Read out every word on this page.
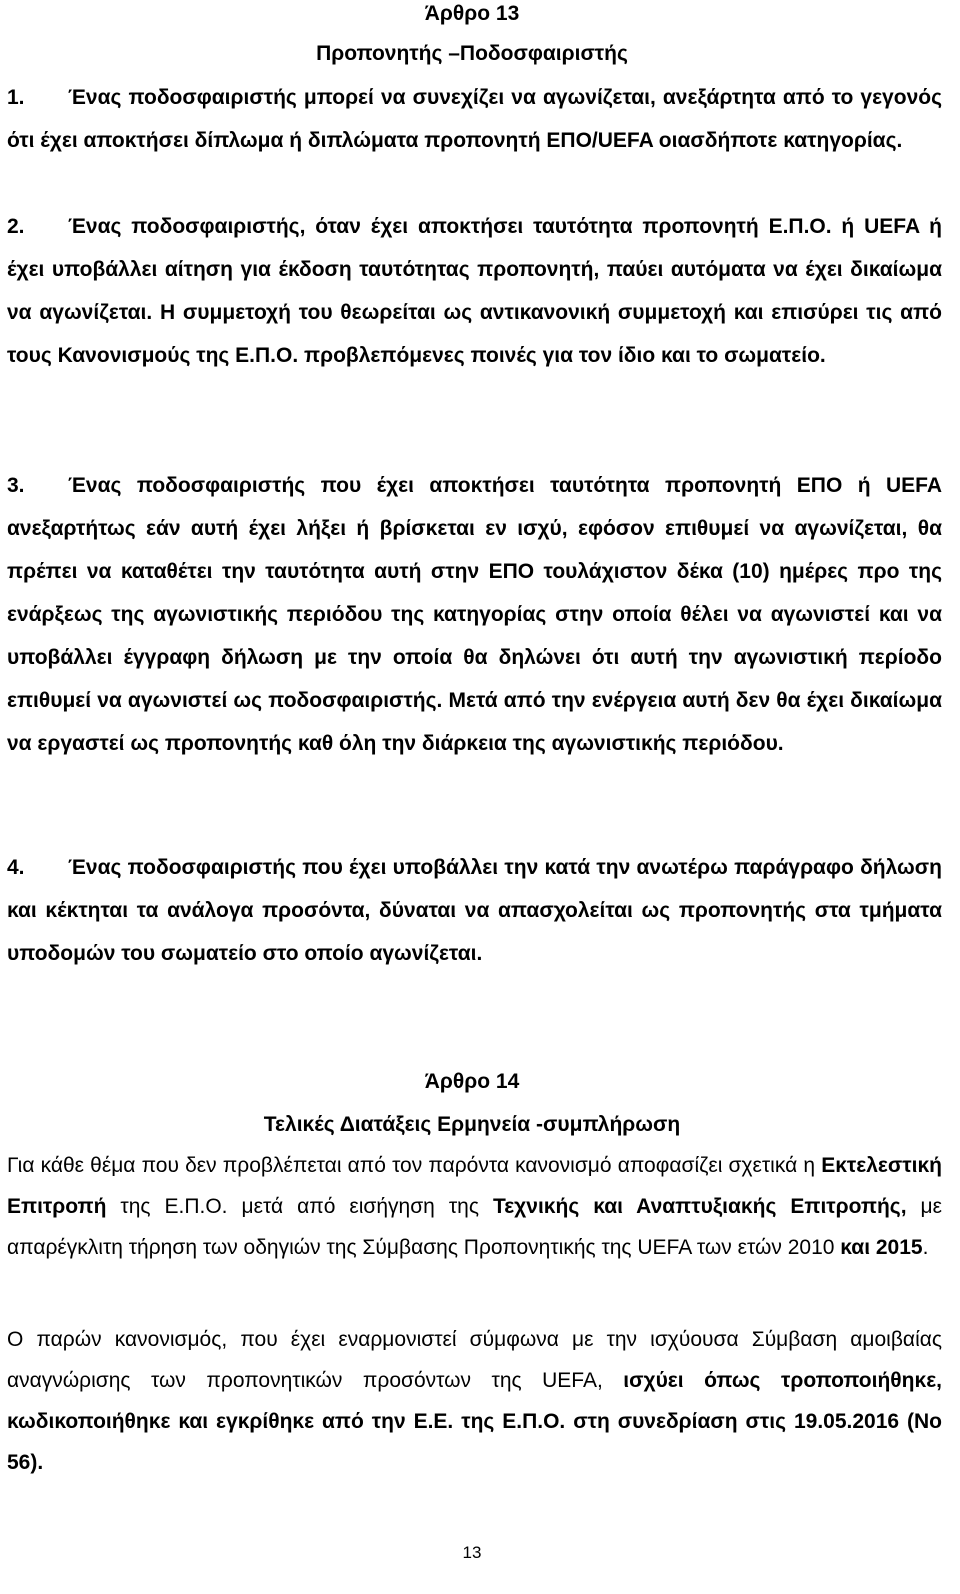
Άρθρο 13
Προπονητής –Ποδοσφαιριστής

1.	Ένας ποδοσφαιριστής μπορεί να συνεχίζει να αγωνίζεται, ανεξάρτητα από το γεγονός ότι έχει αποκτήσει δίπλωμα ή διπλώματα προπονητή ΕΠΟ/UEFA οιασδήποτε κατηγορίας.

2.	Ένας ποδοσφαιριστής, όταν έχει αποκτήσει ταυτότητα προπονητή Ε.Π.Ο. ή UEFA ή έχει υποβάλλει αίτηση για έκδοση ταυτότητας προπονητή, παύει αυτόματα να έχει δικαίωμα να αγωνίζεται. Η συμμετοχή του θεωρείται ως αντικανονική συμμετοχή και επισύρει τις από τους Κανονισμούς της Ε.Π.Ο. προβλεπόμενες ποινές για τον ίδιο και το σωματείο.

3.	Ένας ποδοσφαιριστής που έχει αποκτήσει ταυτότητα προπονητή ΕΠΟ ή UEFA ανεξαρτήτως εάν αυτή έχει λήξει ή βρίσκεται εν ισχύ, εφόσον επιθυμεί να αγωνίζεται, θα πρέπει να καταθέτει την ταυτότητα αυτή στην ΕΠΟ τουλάχιστον δέκα (10) ημέρες προ της ενάρξεως της αγωνιστικής περιόδου της κατηγορίας στην οποία θέλει να αγωνιστεί και να υποβάλλει έγγραφη δήλωση με την οποία θα δηλώνει ότι αυτή την αγωνιστική περίοδο επιθυμεί να αγωνιστεί ως ποδοσφαιριστής. Μετά από την ενέργεια αυτή δεν θα έχει δικαίωμα να εργαστεί ως προπονητής καθ όλη την διάρκεια της αγωνιστικής περιόδου.

4.	Ένας ποδοσφαιριστής που έχει υποβάλλει την κατά την ανωτέρω παράγραφο δήλωση και κέκτηται τα ανάλογα προσόντα, δύναται να απασχολείται ως προπονητής στα τμήματα υποδομών του σωματείο στο οποίο αγωνίζεται.

Άρθρο 14
Τελικές Διατάξεις Ερμηνεία -συμπλήρωση

Για κάθε θέμα που δεν προβλέπεται από τον παρόντα κανονισμό αποφασίζει σχετικά η Εκτελεστική Επιτροπή της Ε.Π.Ο. μετά από εισήγηση της Τεχνικής και Αναπτυξιακής Επιτροπής, με απαρέγκλιτη τήρηση των οδηγιών της Σύμβασης Προπονητικής της UEFA των ετών 2010 και 2015.

Ο παρών κανονισμός, που έχει εναρμονιστεί σύμφωνα με την ισχύουσα Σύμβαση αμοιβαίας αναγνώρισης των προπονητικών προσόντων της UEFA, ισχύει όπως τροποποιήθηκε, κωδικοποιήθηκε και εγκρίθηκε από την Ε.Ε. της Ε.Π.Ο. στη συνεδρίαση στις 19.05.2016 (Νο 56).

13
